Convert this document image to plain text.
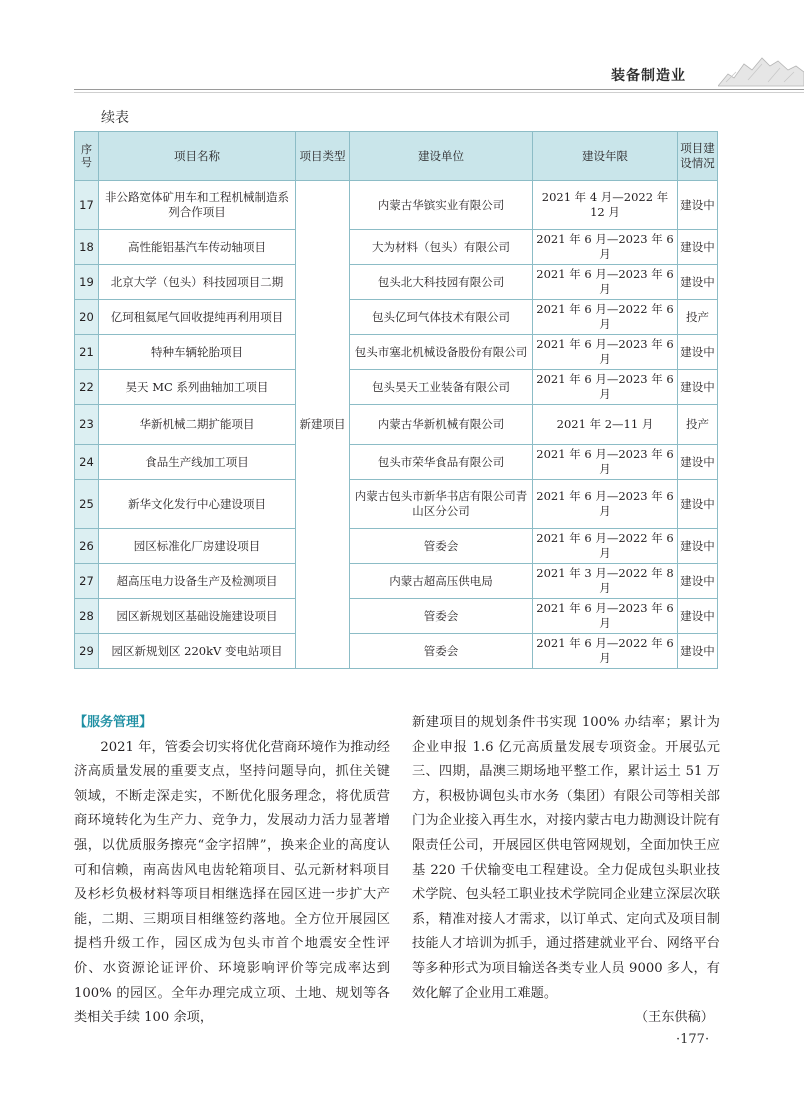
装备制造业
续表
序号	项目名称	项目类型	建设单位	建设年限	项目建设情况
17	非公路宽体矿用车和工程机械制造系列合作项目	新建项目	内蒙古华镔实业有限公司	2021 年 4 月—2022 年 12 月	建设中
18	高性能铝基汽车传动轴项目		大为材料（包头）有限公司	2021 年 6 月—2023 年 6 月	建设中
19	北京大学（包头）科技园项目二期		包头北大科技园有限公司	2021 年 6 月—2023 年 6 月	建设中
20	亿珂租氦尾气回收提纯再利用项目		包头亿珂气体技术有限公司	2021 年 6 月—2022 年 6 月	投产
21	特种车辆轮胎项目		包头市塞北机械设备股份有限公司	2021 年 6 月—2023 年 6 月	建设中
22	昊天 MC 系列曲轴加工项目		包头昊天工业装备有限公司	2021 年 6 月—2023 年 6 月	建设中
23	华新机械二期扩能项目		内蒙古华新机械有限公司	2021 年 2—11 月	投产
24	食品生产线加工项目		包头市荣华食品有限公司	2021 年 6 月—2023 年 6 月	建设中
25	新华文化发行中心建设项目		内蒙古包头市新华书店有限公司青山区分公司	2021 年 6 月—2023 年 6 月	建设中
26	园区标准化厂房建设项目		管委会	2021 年 6 月—2022 年 6 月	建设中
27	超高压电力设备生产及检测项目		内蒙古超高压供电局	2021 年 3 月—2022 年 8 月	建设中
28	园区新规划区基础设施建设项目		管委会	2021 年 6 月—2023 年 6 月	建设中
29	园区新规划区 220kV 变电站项目		管委会	2021 年 6 月—2022 年 6 月	建设中
【服务管理】

2021 年，管委会切实将优化营商环境作为推动经济高质量发展的重要支点，坚持问题导向，抓住关键领域，不断走深走实，不断优化服务理念，将优质营商环境转化为生产力、竞争力，发展动力活力显著增强，以优质服务擦亮“金字招牌”，换来企业的高度认可和信赖，南高齿风电齿轮箱项目、弘元新材料项目及杉杉负极材料等项目相继选择在园区进一步扩大产能，二期、三期项目相继签约落地。全方位开展园区提档升级工作，园区成为包头市首个地震安全性评价、水资源论证评价、环境影响评价等完成率达到 100% 的园区。全年办理完成立项、土地、规划等各类相关手续 100 余项，

新建项目的规划条件书实现 100% 办结率；累计为企业申报 1.6 亿元高质量发展专项资金。开展弘元三、四期，晶澳三期场地平整工作，累计运土 51 万方，积极协调包头市水务（集团）有限公司等相关部门为企业接入再生水，对接内蒙古电力勘测设计院有限责任公司，开展园区供电管网规划，全面加快王应基 220 千伏输变电工程建设。全力促成包头职业技术学院、包头轻工职业技术学院同企业建立深层次联系，精准对接人才需求，以订单式、定向式及项目制技能人才培训为抓手，通过搭建就业平台、网络平台等多种形式为项目输送各类专业人员 9000 多人，有效化解了企业用工难题。

（王东供稿）

·177·
